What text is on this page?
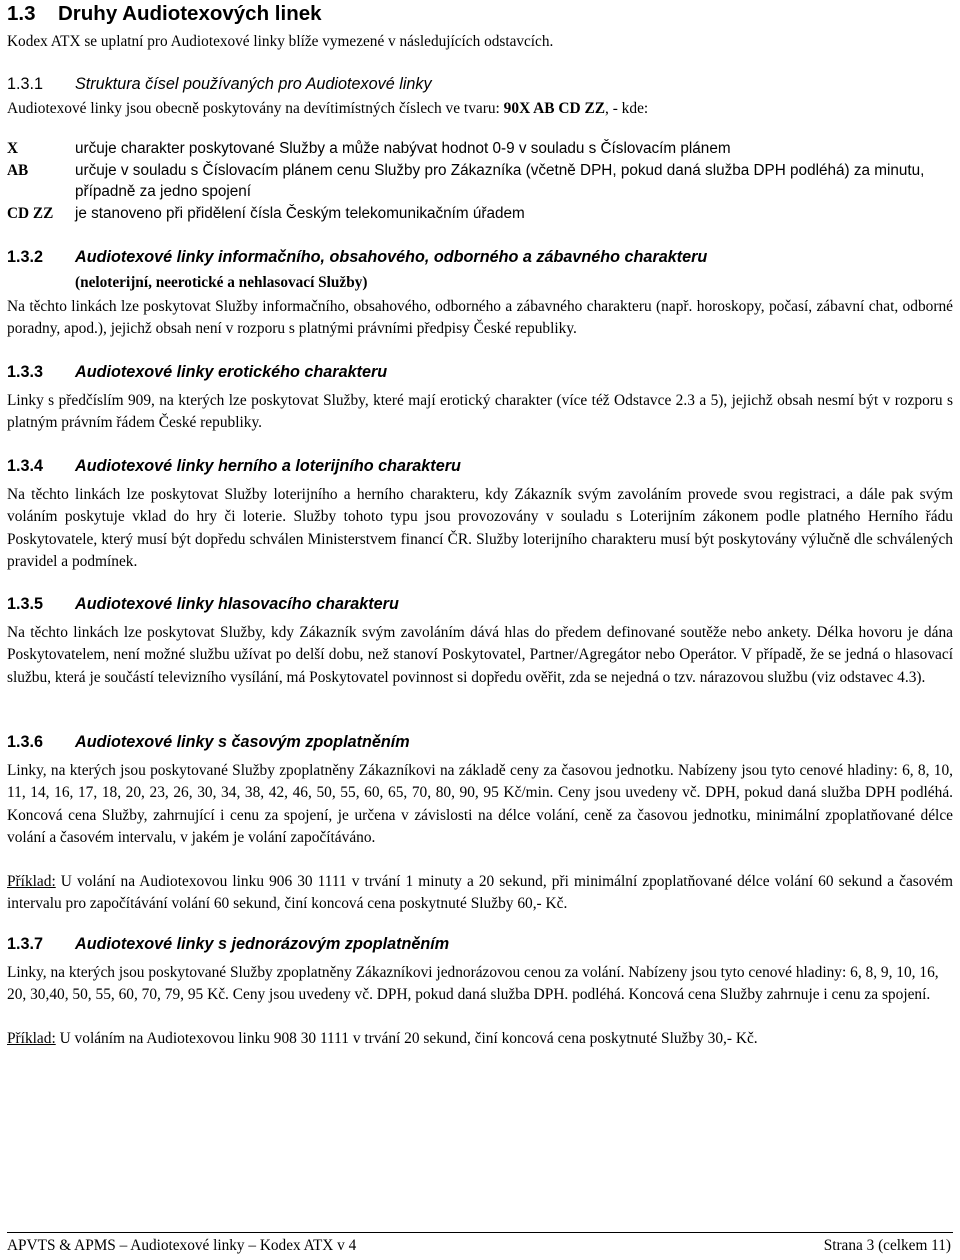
1.3 Druhy Audiotexových linek
Kodex ATX se uplatní pro Audiotexové linky blíže vymezené v následujících odstavcích.
1.3.1 Struktura čísel používaných pro Audiotexové linky
Audiotexové linky jsou obecně poskytovány na devítimístných číslech ve tvaru: 90X AB CD ZZ, - kde:
X	určuje charakter poskytované Služby a může nabývat hodnot 0-9 v souladu s Číslovacím plánem
AB	určuje v souladu s Číslovacím plánem cenu Služby pro Zákazníka (včetně DPH, pokud daná služba DPH podléhá) za minutu, případně za jedno spojení
CD ZZ	je stanoveno při přidělení čísla Českým telekomunikačním úřadem
1.3.2 Audiotexové linky informačního, obsahového, odborného a zábavného charakteru
(neloterijní, neerotické a nehlasovací Služby)
Na těchto linkách lze poskytovat Služby informačního, obsahového, odborného a zábavného charakteru (např. horoskopy, počasí, zábavní chat, odborné poradny, apod.), jejichž obsah není v rozporu s platnými právními předpisy České republiky.
1.3.3 Audiotexové linky erotického charakteru
Linky s předčíslím 909, na kterých lze poskytovat Služby, které mají erotický charakter (více též Odstavce 2.3 a 5), jejichž obsah nesmí být v rozporu s platným právním řádem České republiky.
1.3.4 Audiotexové linky herního a loterijního charakteru
Na těchto linkách lze poskytovat Služby loterijního a herního charakteru, kdy Zákazník svým zavoláním provede svou registraci, a dále pak svým voláním poskytuje vklad do hry či loterie. Služby tohoto typu jsou provozovány v souladu s Loterijním zákonem podle platného Herního řádu Poskytovatele, který musí být dopředu schválen Ministerstvem financí ČR. Služby loterijního charakteru musí být poskytovány výlučně dle schválených pravidel a podmínek.
1.3.5 Audiotexové linky hlasovacího charakteru
Na těchto linkách lze poskytovat Služby, kdy Zákazník svým zavoláním dává hlas do předem definované soutěže nebo ankety. Délka hovoru je dána Poskytovatelem, není možné službu užívat po delší dobu, než stanoví Poskytovatel, Partner/Agregátor nebo Operátor. V případě, že se jedná o hlasovací službu, která je součástí televizního vysílání, má Poskytovatel povinnost si dopředu ověřit, zda se nejedná o tzv. nárazovou službu (viz odstavec 4.3).
1.3.6 Audiotexové linky s časovým zpoplatněním
Linky, na kterých jsou poskytované Služby zpoplatněny Zákazníkovi na základě ceny za časovou jednotku. Nabízeny jsou tyto cenové hladiny: 6, 8, 10, 11, 14, 16, 17, 18, 20, 23, 26, 30, 34, 38, 42, 46, 50, 55, 60, 65, 70, 80, 90, 95 Kč/min. Ceny jsou uvedeny vč. DPH, pokud daná služba DPH podléhá. Koncová cena Služby, zahrnující i cenu za spojení, je určena v závislosti na délce volání, ceně za časovou jednotku, minimální zpoplatňované délce volání a časovém intervalu, v jakém je volání započítáváno.
Příklad: U volání na Audiotexovou linku 906 30 1111 v trvání 1 minuty a 20 sekund, při minimální zpoplatňované délce volání 60 sekund a časovém intervalu pro započítávání volání 60 sekund, činí koncová cena poskytnuté Služby 60,- Kč.
1.3.7 Audiotexové linky s jednorázovým zpoplatněním
Linky, na kterých jsou poskytované Služby zpoplatněny Zákazníkovi jednorázovou cenou za volání. Nabízeny jsou tyto cenové hladiny: 6, 8, 9, 10, 16, 20, 30,40, 50, 55, 60, 70, 79, 95 Kč. Ceny jsou uvedeny vč. DPH, pokud daná služba DPH. podléhá. Koncová cena Služby zahrnuje i cenu za spojení.
Příklad: U voláním na Audiotexovou linku 908 30 1111 v trvání 20 sekund, činí koncová cena poskytnuté Služby 30,- Kč.
APVTS & APMS – Audiotexové linky – Kodex ATX v 4	Strana 3 (celkem 11)
